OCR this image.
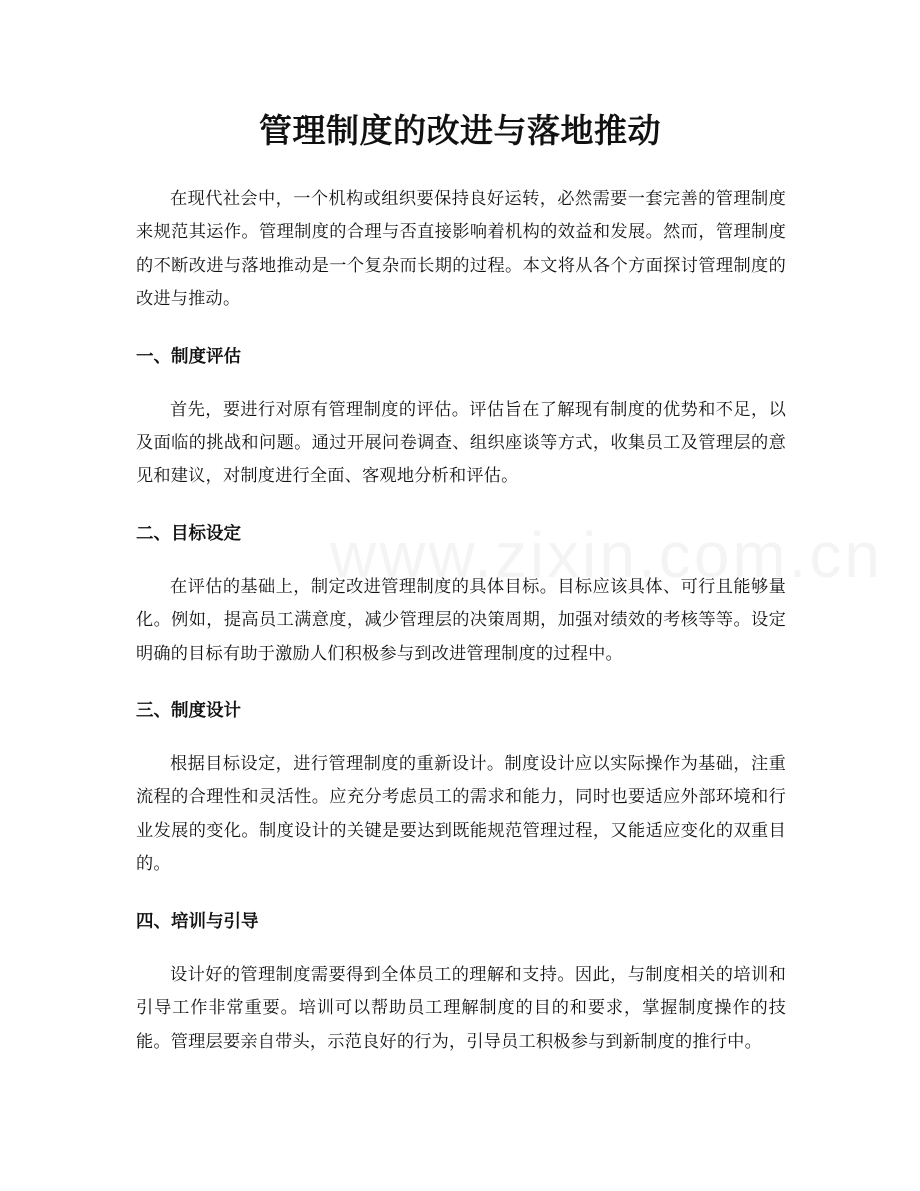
管理制度的改进与落地推动

在现代社会中，一个机构或组织要保持良好运转，必然需要一套完善的管理制度来规范其运作。管理制度的合理与否直接影响着机构的效益和发展。然而，管理制度的不断改进与落地推动是一个复杂而长期的过程。本文将从各个方面探讨管理制度的改进与推动。

一、制度评估

首先，要进行对原有管理制度的评估。评估旨在了解现有制度的优势和不足，以及面临的挑战和问题。通过开展问卷调查、组织座谈等方式，收集员工及管理层的意见和建议，对制度进行全面、客观地分析和评估。

二、目标设定

在评估的基础上，制定改进管理制度的具体目标。目标应该具体、可行且能够量化。例如，提高员工满意度，减少管理层的决策周期，加强对绩效的考核等等。设定明确的目标有助于激励人们积极参与到改进管理制度的过程中。

三、制度设计

根据目标设定，进行管理制度的重新设计。制度设计应以实际操作为基础，注重流程的合理性和灵活性。应充分考虑员工的需求和能力，同时也要适应外部环境和行业发展的变化。制度设计的关键是要达到既能规范管理过程，又能适应变化的双重目的。

四、培训与引导

设计好的管理制度需要得到全体员工的理解和支持。因此，与制度相关的培训和引导工作非常重要。培训可以帮助员工理解制度的目的和要求，掌握制度操作的技能。管理层要亲自带头，示范良好的行为，引导员工积极参与到新制度的推行中。
